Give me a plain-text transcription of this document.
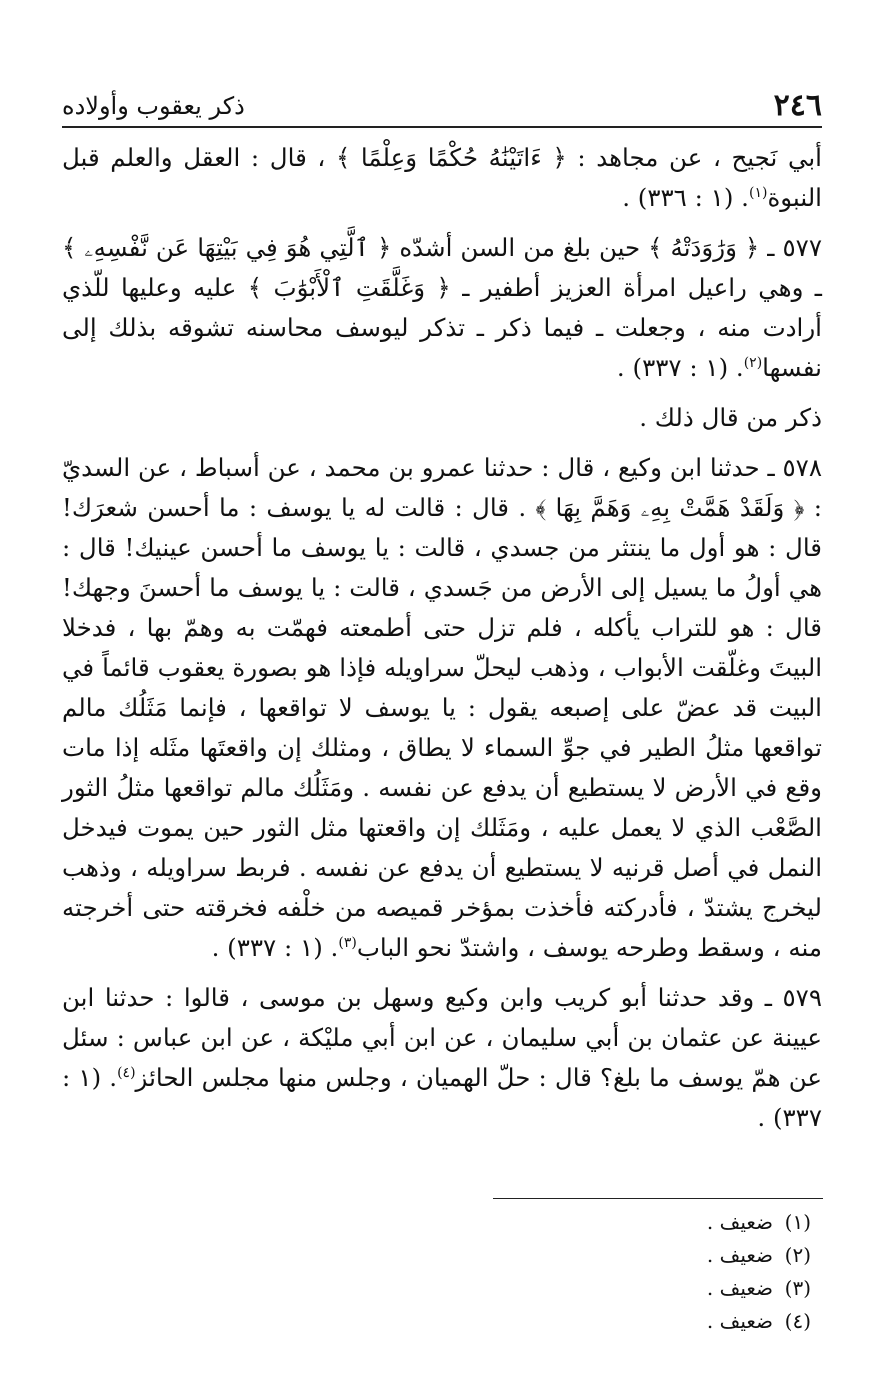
٢٤٦
ذكر يعقوب وأولاده

أبي نَجيح ، عن مجاهد : ﴿ ءَاتَيْنَٰهُ حُكْمًا وَعِلْمًا ﴾ ، قال : العقل والعلم قبل النبوة$^{(١)}$. (١ : ٣٣٦) .

٥٧٧ ـ ﴿ وَرَٰوَدَتْهُ ﴾ حين بلغ من السن أشدّه ﴿ ٱلَّتِي هُوَ فِي بَيْتِهَا عَن نَّفْسِهِۦ ﴾ ـ وهي راعيل امرأة العزيز أطفير ـ ﴿ وَغَلَّقَتِ ٱلْأَبْوَٰبَ ﴾ عليه وعليها للّذي أرادت منه ، وجعلت ـ فيما ذكر ـ تذكر ليوسف محاسنه تشوقه بذلك إلى نفسها$^{(٢)}$. (١ : ٣٣٧) .

ذكر من قال ذلك .

٥٧٨ ـ حدثنا ابن وكيع ، قال : حدثنا عمرو بن محمد ، عن أسباط ، عن السديّ : ﴿ وَلَقَدْ هَمَّتْ بِهِۦ وَهَمَّ بِهَا ﴾ . قال : قالت له يا يوسف : ما أحسن شعرَك! قال : هو أول ما ينتثر من جسدي ، قالت : يا يوسف ما أحسن عينيك! قال : هي أولُ ما يسيل إلى الأرض من جَسدي ، قالت : يا يوسف ما أحسنَ وجهك! قال : هو للتراب يأكله ، فلم تزل حتى أطمعته فهمّت به وهمّ بها ، فدخلا البيتَ وغلّقت الأبواب ، وذهب ليحلّ سراويله فإذا هو بصورة يعقوب قائماً في البيت قد عضّ على إصبعه يقول : يا يوسف لا تواقعها ، فإنما مَثَلُك مالم تواقعها مثلُ الطير في جوِّ السماء لا يطاق ، ومثلك إن واقعتَها مثَله إذا مات وقع في الأرض لا يستطيع أن يدفع عن نفسه . ومَثَلُك مالم تواقعها مثلُ الثور الصَّعْب الذي لا يعمل عليه ، ومَثَلك إن واقعتها مثل الثور حين يموت فيدخل النمل في أصل قرنيه لا يستطيع أن يدفع عن نفسه . فربط سراويله ، وذهب ليخرج يشتدّ ، فأدركته فأخذت بمؤخر قميصه من خلْفه فخرقته حتى أخرجته منه ، وسقط وطرحه يوسف ، واشتدّ نحو الباب$^{(٣)}$. (١ : ٣٣٧) .

٥٧٩ ـ وقد حدثنا أبو كريب وابن وكيع وسهل بن موسى ، قالوا : حدثنا ابن عيينة عن عثمان بن أبي سليمان ، عن ابن أبي مليْكة ، عن ابن عباس : سئل عن همّ يوسف ما بلغ؟ قال : حلّ الهميان ، وجلس منها مجلس الحائز$^{(٤)}$. (١ : ٣٣٧) .

(١)ضعيف .
(٢)ضعيف .
(٣)ضعيف .
(٤)ضعيف .
